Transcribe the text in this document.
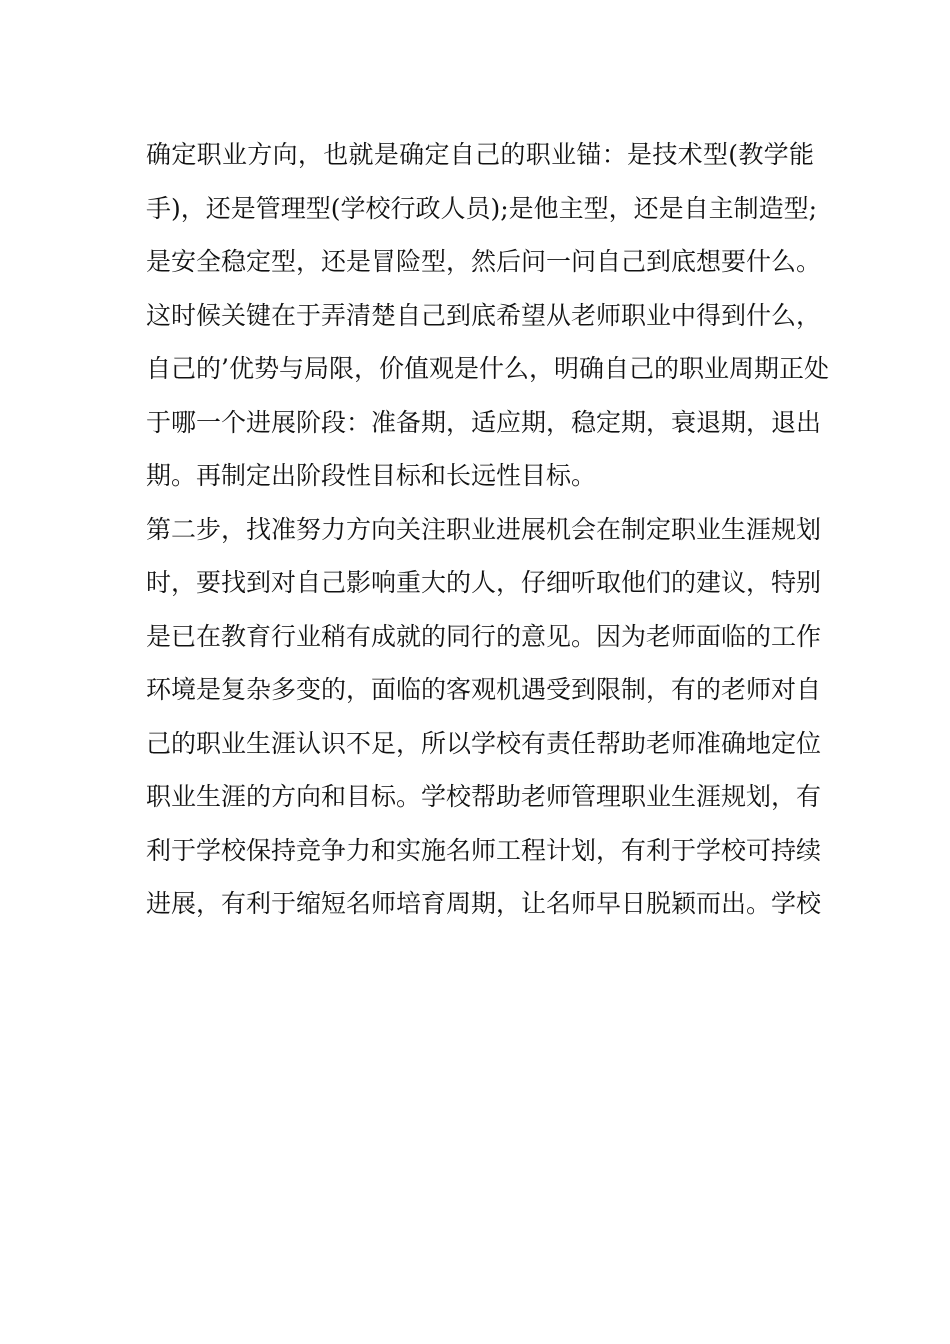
确定职业方向，也就是确定自己的职业锚：是技术型(教学能
手)，还是管理型(学校行政人员);是他主型，还是自主制造型;
是安全稳定型，还是冒险型，然后问一问自己到底想要什么。
这时候关键在于弄清楚自己到底希望从老师职业中得到什么，
自己的’优势与局限，价值观是什么，明确自己的职业周期正处
于哪一个进展阶段：准备期，适应期，稳定期，衰退期，退出
期。再制定出阶段性目标和长远性目标。
第二步，找准努力方向关注职业进展机会在制定职业生涯规划
时，要找到对自己影响重大的人，仔细听取他们的建议，特别
是已在教育行业稍有成就的同行的意见。因为老师面临的工作
环境是复杂多变的，面临的客观机遇受到限制，有的老师对自
己的职业生涯认识不足，所以学校有责任帮助老师准确地定位
职业生涯的方向和目标。学校帮助老师管理职业生涯规划，有
利于学校保持竞争力和实施名师工程计划，有利于学校可持续
进展，有利于缩短名师培育周期，让名师早日脱颖而出。学校
